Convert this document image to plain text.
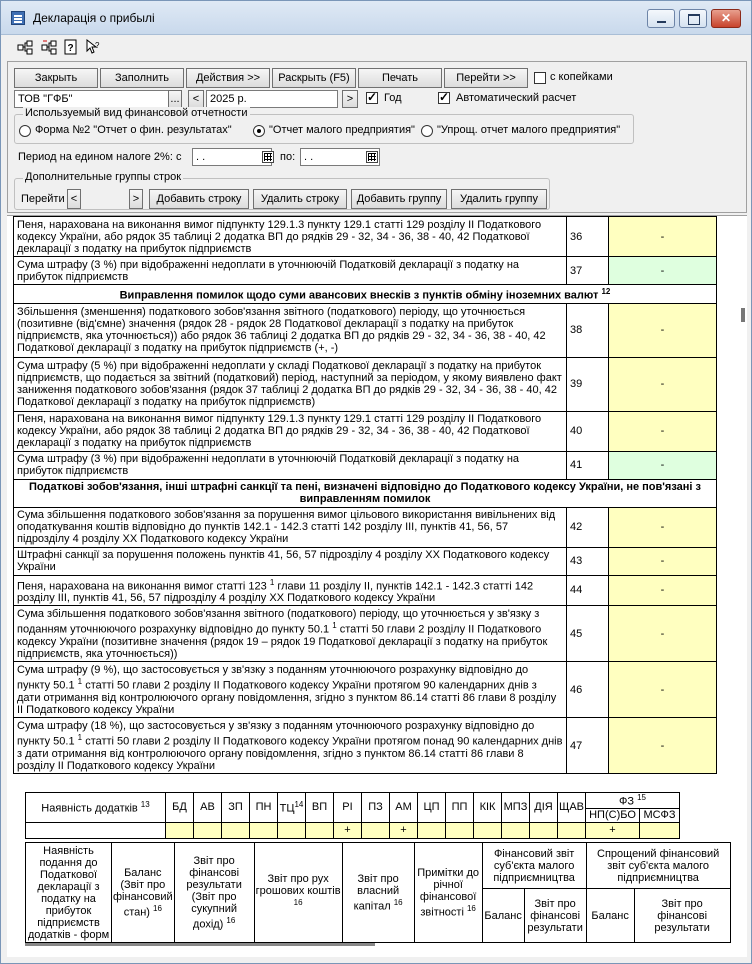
Декларація о прибылі	✕
?	?
Закрыть	Заполнить	Действия >>	Раскрыть (F5)	Печать	Перейти >>	с копейками
ТОВ "ГФБ"	...	< 2025 р.	> ✓	Год ✓	Автоматический расчет
Используемый вид финансовой отчетности
Форма №2 "Отчет о фин. результатах"	"Отчет малого предприятия" "Упрощ. отчет малого предприятия"
Период на едином налоге 2%: с	. .	по: . .
Дополнительные группы строк
Перейти <	>	Добавить строку	Удалить строку	Добавить группу	Удалить группу
Пеня, нарахована на виконання вимог підпункту 129.1.3 пункту 129.1 статті 129 розділу ІІ Податкового кодексу України, або рядок 35 таблиці 2 додатка ВП до рядків 29 - 32, 34 - 36, 38 - 40, 42 Податкової декларації з податку на прибуток підприємств	36	-
Сума штрафу (3 %) при відображенні недоплати в уточнюючій Податковій декларації з податку на прибуток підприємств	37	-
Виправлення помилок щодо суми авансових внесків з пунктів обміну іноземних валют $^{12}$
Збільшення (зменшення) податкового зобов'язання звітного (податкового) періоду, що уточнюється (позитивне (від'ємне) значення (рядок 28 - рядок 28 Податкової декларації з податку на прибуток підприємств, яка уточнюється)) або рядок 36 таблиці 2 додатка ВП до рядків 29 - 32, 34 - 36, 38 - 40, 42 Податкової декларації з податку на прибуток підприємств (+, -)	38	-
Сума штрафу (5 %) при відображенні недоплати у складі Податкової декларації з податку на прибуток підприємств, що подається за звітний (податковий) період, наступний за періодом, у якому виявлено факт заниження податкового зобов'язання (рядок 37 таблиці 2 додатка ВП до рядків 29 - 32, 34 - 36, 38 - 40, 42 Податкової декларації з податку на прибуток підприємств)	39	-
Пеня, нарахована на виконання вимог підпункту 129.1.3 пункту 129.1 статті 129 розділу ІІ Податкового кодексу України, або рядок 38 таблиці 2 додатка ВП до рядків 29 - 32, 34 - 36, 38 - 40, 42 Податкової декларації з податку на прибуток підприємств	40	-
Сума штрафу (3 %) при відображенні недоплати в уточнюючій Податковій декларації з податку на прибуток підприємств	41	-
Податкові зобов'язання, інші штрафні санкції та пені, визначені відповідно до Податкового кодексу України, не пов'язані з виправленням помилок		
Сума збільшення податкового зобов'язання за порушення вимог цільового використання вивільнених від оподаткування коштів відповідно до пунктів 142.1 - 142.3 статті 142 розділу ІІІ, пунктів 41, 56, 57 підрозділу 4 розділу ХХ Податкового кодексу України	42	-
Штрафні санкції за порушення положень пунктів 41, 56, 57 підрозділу 4 розділу ХХ Податкового кодексу України	43	-
Пеня, нарахована на виконання вимог статті 123 $^1$ глави 11 розділу ІІ, пунктів 142.1 - 142.3 статті 142 розділу ІІІ, пунктів 41, 56, 57 підрозділу 4 розділу ХХ Податкового кодексу України	44	-
Сума збільшення податкового зобов'язання звітного (податкового) періоду, що уточнюється у зв'язку з поданням уточнюючого розрахунку відповідно до пункту 50.1 $^1$ статті 50 глави 2 розділу ІІ Податкового кодексу України (позитивне значення (рядок 19 – рядок 19 Податкової декларації з податку на прибуток підприємств, яка уточнюється))	45	-
Сума штрафу (9 %), що застосовується у зв'язку з поданням уточнюючого розрахунку відповідно до пункту 50.1 $^1$ статті 50 глави 2 розділу ІІ Податкового кодексу України протягом 90 календарних днів з дати отримання від контролюючого органу повідомлення, згідно з пунктом 86.14 статті 86 глави 8 розділу ІІ Податкового кодексу України	46	-
Сума штрафу (18 %), що застосовується у зв'язку з поданням уточнюючого розрахунку відповідно до пункту 50.1 $^1$ статті 50 глави 2 розділу ІІ Податкового кодексу України протягом понад 90 календарних днів з дати отримання від контролюючого органу повідомлення, згідно з пунктом 86.14 статті 86 глави 8 розділу ІІ Податкового кодексу України	47	-
Наявність додатків $^{13}$	БД	АВ	ЗП	ПН	ТЦ$^{14}$	ВП	РІ	ПЗ	АМ	ЦП	ПП	КІК	МПЗ	ДІЯ	ЩАВ	ФЗ $^{15}$
																НП(С)БО	МСФЗ
							+		+							+	
Наявність подання до Податкової декларації з податку на прибуток підприємств додатків - форм	Баланс (Звіт про фінансовий стан) $^{16}$	Звіт про фінансові результати (Звіт про сукупний дохід) $^{16}$	Звіт про рух грошових коштів $^{16}$	Звіт про власний капітал $^{16}$	Примітки до річної фінансової звітності $^{16}$	Фінансовий звіт суб'єкта малого підприємництва		Спрощений фінансовий звіт суб'єкта малого підприємництва	
						Баланс	Звіт про фінансові результати	Баланс	Звіт про фінансові результати
